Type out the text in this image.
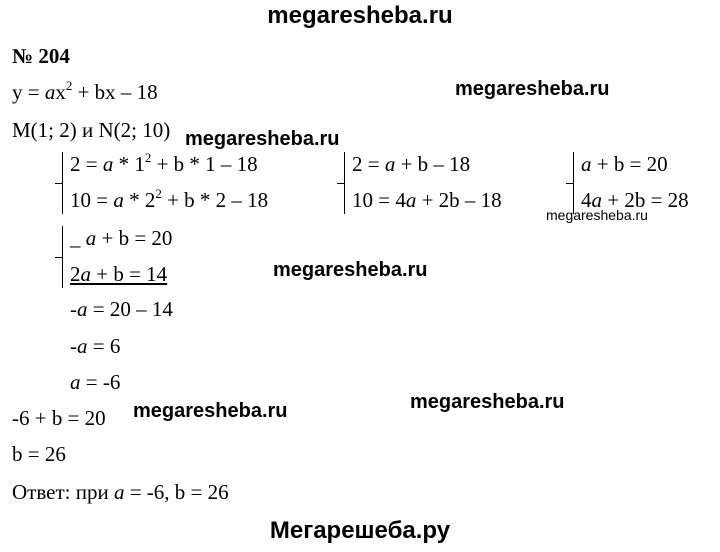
megaresheba.ru
megaresheba.ru
megaresheba.ru
megaresheba.ru
megaresheba.ru
megaresheba.ru
megaresheba.ru
Мегарешеба.ру
№ 204
$y = ax^2$ + bx – 18
M(1; 2) и N(2; 10)
$2 = a * 1^2 + b * 1 - 18$
$10 = a * 2^2 + b * 2 - 18$
2 = a + b – 18
10 = 4a + 2b – 18
a + b = 20
4a + 2b = 28
_ a + b = 20
2a + b = 14
-a = 20 – 14
-a = 6
a = -6
-6 + b = 20
b = 26
Ответ: при a = -6, b = 26
